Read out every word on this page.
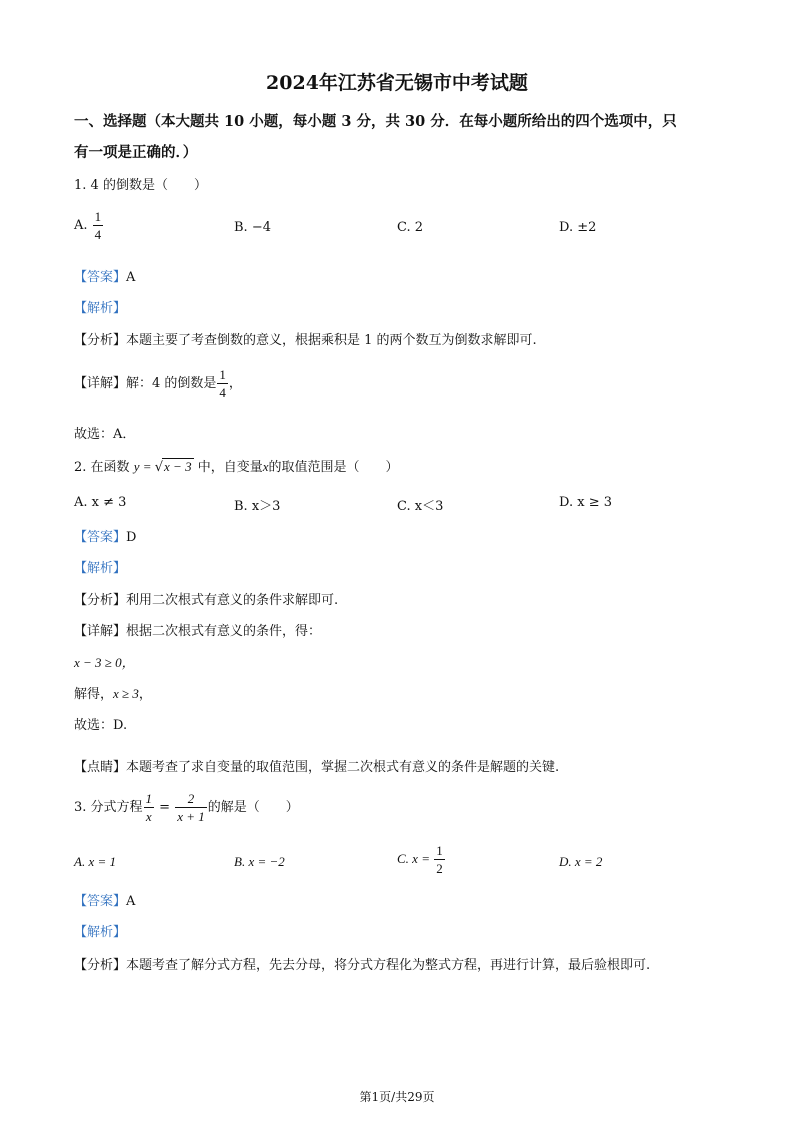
2024年江苏省无锡市中考试题
一、选择题（本大题共 10 小题，每小题 3 分，共 30 分．在每小题所给出的四个选项中，只
有一项是正确的．）
1. 4 的倒数是（　　）
A. $\frac{1}{4}$	B. −4	C. 2	D. ±2
【答案】A
【解析】
【分析】本题主要了考查倒数的意义，根据乘积是 1 的两个数互为倒数求解即可.
【详解】解：4 的倒数是 $\frac{1}{4}$ ，
故选：A．
2. 在函数 y = √x − 3 中，自变量x的取值范围是（　　）
A. x ≠ 3	B. x＞3	C. x＜3	D. x ≥ 3
【答案】D
【解析】
【分析】利用二次根式有意义的条件求解即可.
【详解】根据二次根式有意义的条件，得：
x − 3 ≥ 0，
解得，x ≥ 3，
故选：D.
【点睛】本题考查了求自变量的取值范围，掌握二次根式有意义的条件是解题的关键.
3. 分式方程 $\frac{1}{x} = \frac{2}{x + 1}$ 的解是（　　）
A. x = 1	B. x = −2	C. $x = \frac{1}{2}$	D. x = 2
【答案】A
【解析】
【分析】本题考查了解分式方程，先去分母，将分式方程化为整式方程，再进行计算，最后验根即可.
第1页/共29页
